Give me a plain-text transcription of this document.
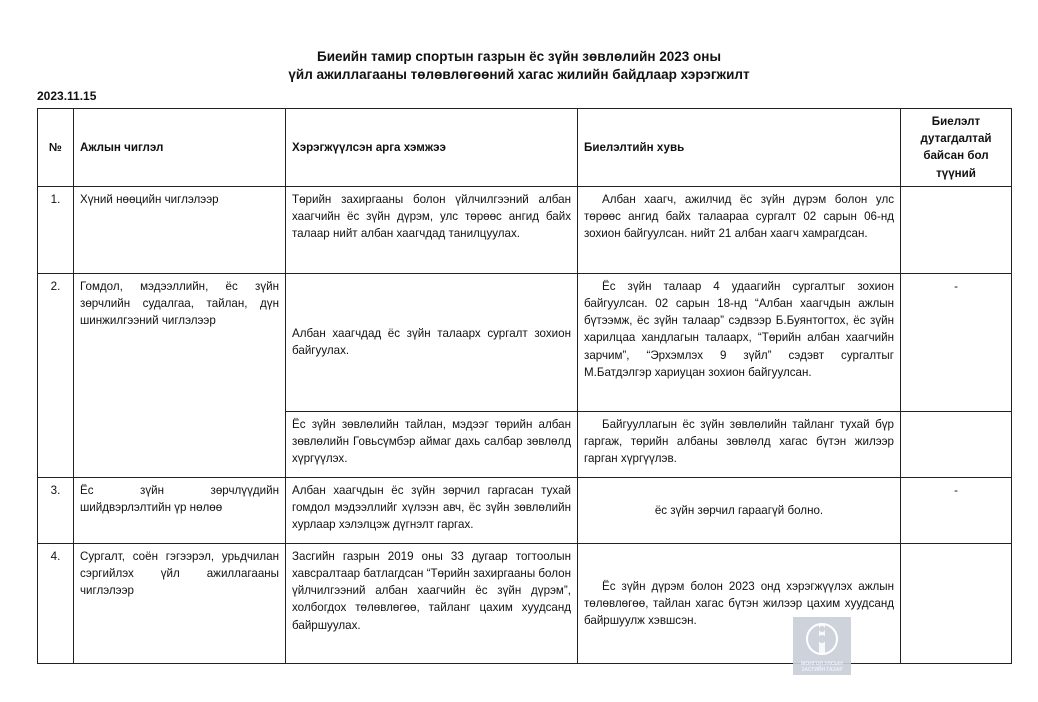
Биеийн тамир спортын газрын ёс зүйн зөвлөлийн 2023 оны
үйл ажиллагааны төлөвлөгөөний хагас жилийн байдлаар хэрэгжилт
2023.11.15
№	Ажлын чиглэл	Хэрэгжүүлсэн арга хэмжээ	Биелэлтийн хувь	Биелэлт дутагдалтай байсан бол түүний
1.	Хүний нөөцийн чиглэлээр	Төрийн захиргааны болон үйлчилгээний албан хаагчийн ёс зүйн дүрэм, улс төрөөс ангид байх талаар нийт албан хаагчдад танилцуулах.	Албан хаагч, ажилчид ёс зүйн дүрэм болон улс төрөөс ангид байх талаараа сургалт 02 сарын 06-нд зохион байгуулсан. нийт 21 албан хаагч хамрагдсан.	

2.	Гомдол, мэдээллийн, ёс зүйн зөрчлийн судалгаа, тайлан, дүн шинжилгээний чиглэлээр	Албан хаагчдад ёс зүйн талаарх сургалт зохион байгуулах.	Ёс зүйн талаар 4 удаагийн сургалтыг зохион байгуулсан. 02 сарын 18-нд “Албан хаагчдын ажлын бүтээмж, ёс зүйн талаар” сэдвээр Б.Буянтогтох, ёс зүйн харилцаа хандлагын талаарх, “Төрийн албан хаагчийн зарчим”, “Эрхэмлэх 9 зүйл” сэдэвт сургалтыг М.Батдэлгэр хариуцан зохион байгуулсан.	-
		Ёс зүйн зөвлөлийн тайлан, мэдээг төрийн албан зөвлөлийн Говьсүмбэр аймаг дахь салбар зөвлөлд хүргүүлэх.	Байгууллагын ёс зүйн зөвлөлийн тайланг тухай бүр гаргаж, төрийн албаны зөвлөлд хагас бүтэн жилээр гарган хүргүүлэв.	

3.	Ёс зүйн зөрчлүүдийн шийдвэрлэлтийн үр нөлөө	Албан хаагчдын ёс зүйн зөрчил гаргасан тухай гомдол мэдээллийг хүлээн авч, ёс зүйн зөвлөлийн хурлаар хэлэлцэж дүгнэлт гаргах.	ёс зүйн зөрчил гараагүй болно.	-
4.	Сургалт, соён гэгээрэл, урьдчилан сэргийлэх үйл ажиллагааны чиглэлээр	Засгийн газрын 2019 оны 33 дугаар тогтоолын хавсралтаар батлагдсан “Төрийн захиргааны болон үйлчилгээний албан хаагчийн ёс зүйн дүрэм”, холбогдох төлөвлөгөө, тайланг цахим хуудсанд байршуулах.	Ёс зүйн дүрэм болон 2023 онд хэрэгжүүлэх ажлын төлөвлөгөө, тайлан хагас бүтэн жилээр цахим хуудсанд байршуулж хэвшсэн.	

МОНГОЛ УЛСЫН
ЗАСГИЙН ГАЗАР
